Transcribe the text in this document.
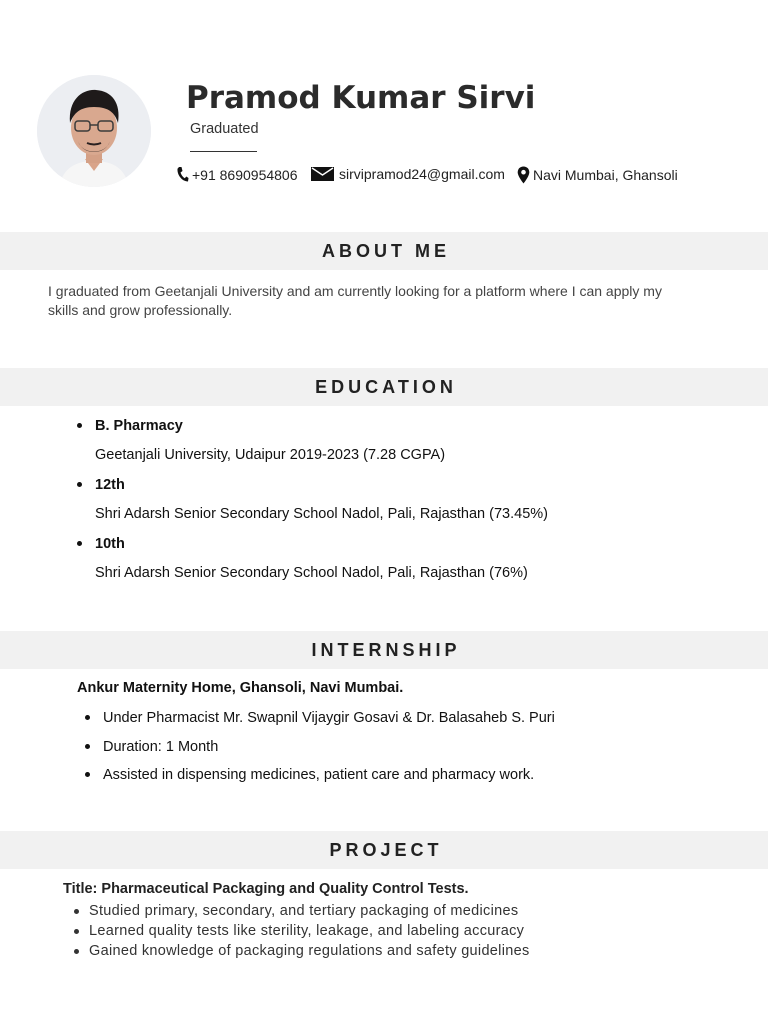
Pramod Kumar Sirvi
Graduated
+91 8690954806	sirvipramod24@gmail.com Navi Mumbai, Ghansoli
ABOUT ME
I graduated from Geetanjali University and am currently looking for a platform where I can apply my skills and grow professionally.
EDUCATION
B. Pharmacy
Geetanjali University, Udaipur 2019-2023 (7.28 CGPA)
12th
Shri Adarsh Senior Secondary School Nadol, Pali, Rajasthan (73.45%)
10th
Shri Adarsh Senior Secondary School Nadol, Pali, Rajasthan (76%)
INTERNSHIP
Ankur Maternity Home, Ghansoli, Navi Mumbai.
Under Pharmacist Mr. Swapnil Vijaygir Gosavi & Dr. Balasaheb S. Puri
Duration: 1 Month
Assisted in dispensing medicines, patient care and pharmacy work.
PROJECT
Title: Pharmaceutical Packaging and Quality Control Tests.
Studied primary, secondary, and tertiary packaging of medicines
Learned quality tests like sterility, leakage, and labeling accuracy
Gained knowledge of packaging regulations and safety guidelines
